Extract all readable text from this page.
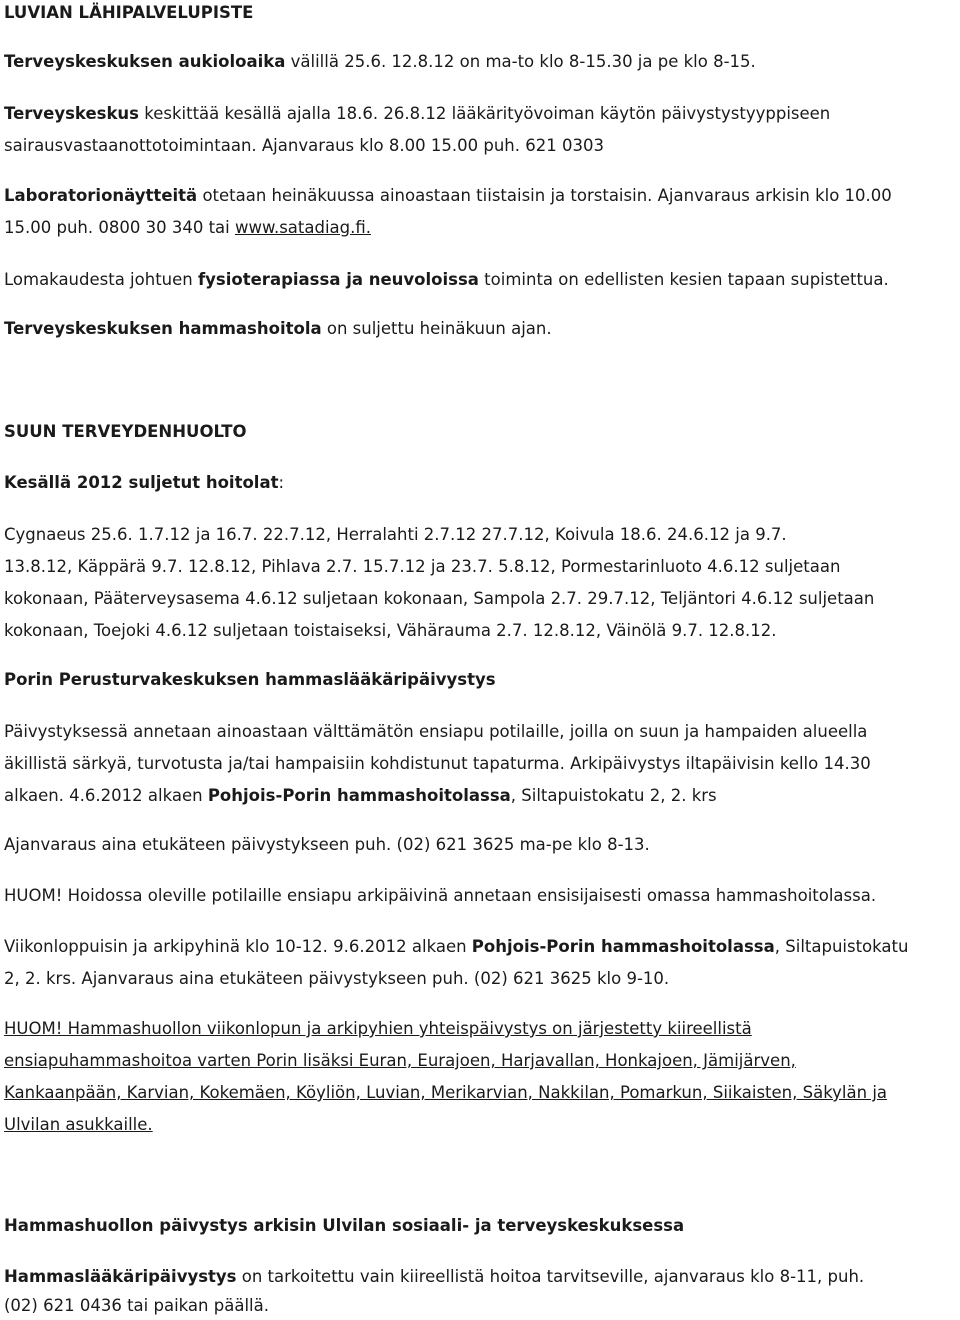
LUVIAN LÄHIPALVELUPISTE
Terveyskeskuksen aukioloaika välillä 25.6. 12.8.12 on ma-to klo 8-15.30 ja pe klo 8-15.
Terveyskeskus keskittää kesällä ajalla 18.6. 26.8.12 lääkärityövoiman käytön päivystystyyppiseen
sairausvastaanottotoimintaan. Ajanvaraus klo 8.00 15.00 puh. 621 0303
Laboratorionäytteitä otetaan heinäkuussa ainoastaan tiistaisin ja torstaisin. Ajanvaraus arkisin klo 10.00
15.00 puh. 0800 30 340 tai www.satadiag.fi.
Lomakaudesta johtuen fysioterapiassa ja neuvoloissa toiminta on edellisten kesien tapaan supistettua.
Terveyskeskuksen hammashoitola on suljettu heinäkuun ajan.
SUUN TERVEYDENHUOLTO
Kesällä 2012 suljetut hoitolat:
Cygnaeus 25.6. 1.7.12 ja 16.7. 22.7.12, Herralahti 2.7.12 27.7.12, Koivula 18.6. 24.6.12 ja 9.7.
13.8.12, Käppärä 9.7. 12.8.12, Pihlava 2.7. 15.7.12 ja 23.7. 5.8.12, Pormestarinluoto 4.6.12 suljetaan
kokonaan, Pääterveysasema 4.6.12 suljetaan kokonaan, Sampola 2.7. 29.7.12, Teljäntori 4.6.12 suljetaan
kokonaan, Toejoki 4.6.12 suljetaan toistaiseksi, Vähärauma 2.7. 12.8.12, Väinölä 9.7. 12.8.12.
Porin Perusturvakeskuksen hammaslääkäripäivystys
Päivystyksessä annetaan ainoastaan välttämätön ensiapu potilaille, joilla on suun ja hampaiden alueella
äkillistä särkyä, turvotusta ja/tai hampaisiin kohdistunut tapaturma. Arkipäivystys iltapäivisin kello 14.30
alkaen. 4.6.2012 alkaen Pohjois-Porin hammashoitolassa, Siltapuistokatu 2, 2. krs
Ajanvaraus aina etukäteen päivystykseen puh. (02) 621 3625 ma-pe klo 8-13.
HUOM! Hoidossa oleville potilaille ensiapu arkipäivinä annetaan ensisijaisesti omassa hammashoitolassa.
Viikonloppuisin ja arkipyhinä klo 10-12. 9.6.2012 alkaen Pohjois-Porin hammashoitolassa, Siltapuistokatu
2, 2. krs. Ajanvaraus aina etukäteen päivystykseen puh. (02) 621 3625 klo 9-10.
HUOM! Hammashuollon viikonlopun ja arkipyhien yhteispäivystys on järjestetty kiireellistä
ensiapuhammashoitoa varten Porin lisäksi Euran, Eurajoen, Harjavallan, Honkajoen, Jämijärven,
Kankaanpään, Karvian, Kokemäen, Köyliön, Luvian, Merikarvian, Nakkilan, Pomarkun, Siikaisten, Säkylän ja
Ulvilan asukkaille.
Hammashuollon päivystys arkisin Ulvilan sosiaali- ja terveyskeskuksessa
Hammaslääkäripäivystys on tarkoitettu vain kiireellistä hoitoa tarvitseville, ajanvaraus klo 8-11, puh.
(02) 621 0436 tai paikan päällä.
